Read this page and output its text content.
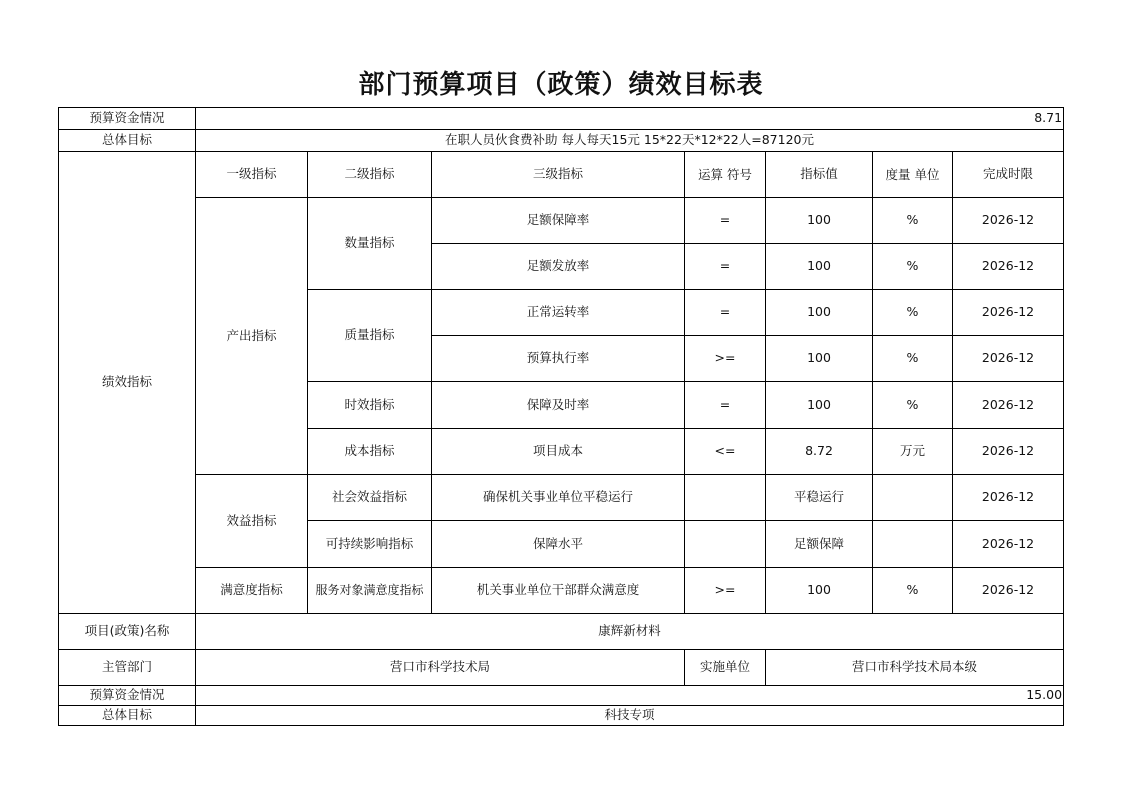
部门预算项目（政策）绩效目标表
预算资金情况	8.71						
总体目标	在职人员伙食费补助 每人每天15元 15*22天*12*22人=87120元						
绩效指标	一级指标	二级指标	三级指标	运算 符号	指标值	度量 单位	完成时限
	产出指标	数量指标	足额保障率	=	100	%	2026-12
			足额发放率	=	100	%	2026-12
		质量指标	正常运转率	=	100	%	2026-12
			预算执行率	>=	100	%	2026-12
		时效指标	保障及时率	=	100	%	2026-12
		成本指标	项目成本	<=	8.72	万元	2026-12
	效益指标	社会效益指标	确保机关事业单位平稳运行		平稳运行		2026-12
		可持续影响指标	保障水平		足额保障		2026-12
	满意度指标	服务对象满意度指标	机关事业单位干部群众满意度	>=	100	%	2026-12
项目(政策)名称	康辉新材料						
主管部门	营口市科学技术局			实施单位	营口市科学技术局本级		
预算资金情况	15.00						
总体目标	科技专项						
